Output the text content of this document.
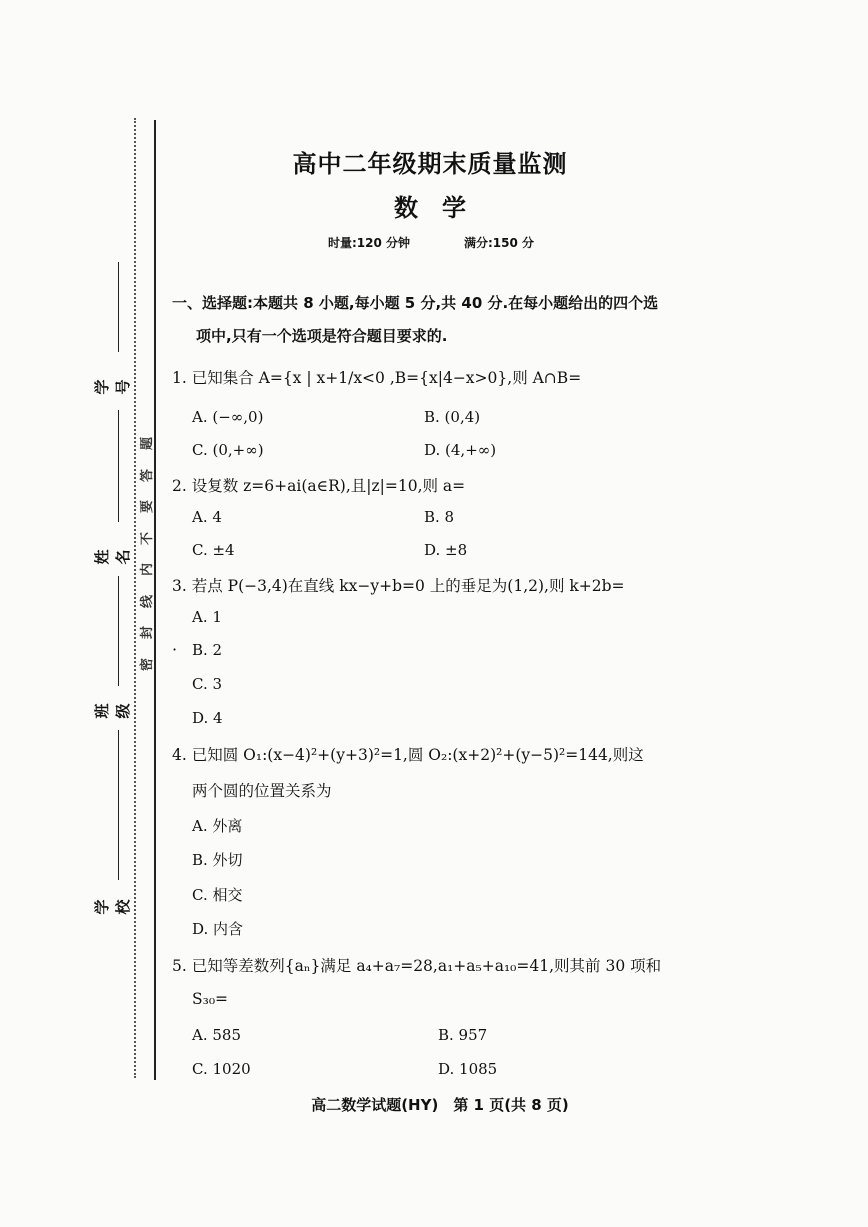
学号
姓名
班级
学校
题
答
要
不
内
线
封
密
高中二年级期末质量监测
数　学
时量:120 分钟	满分:150 分
一、选择题:本题共 8 小题,每小题 5 分,共 40 分.在每小题给出的四个选
项中,只有一个选项是符合题目要求的.
1. 已知集合 A={x | x+1/x<0 ,B={x|4−x>0},则 A∩B=
A. (−∞,0)	B. (0,4)
C. (0,+∞)	D. (4,+∞)
2. 设复数 z=6+ai(a∈R),且|z|=10,则 a=
A. 4	B. 8
C. ±4	D. ±8
3. 若点 P(−3,4)在直线 kx−y+b=0 上的垂足为(1,2),则 k+2b=
A. 1
· B. 2
C. 3
D. 4
4. 已知圆 O₁:(x−4)²+(y+3)²=1,圆 O₂:(x+2)²+(y−5)²=144,则这
两个圆的位置关系为
A. 外离
B. 外切
C. 相交
D. 内含
5. 已知等差数列{aₙ}满足 a₄+a₇=28,a₁+a₅+a₁₀=41,则其前 30 项和
S₃₀=
A. 585	B. 957
C. 1020	D. 1085
高二数学试题(HY)　第 1 页(共 8 页)
